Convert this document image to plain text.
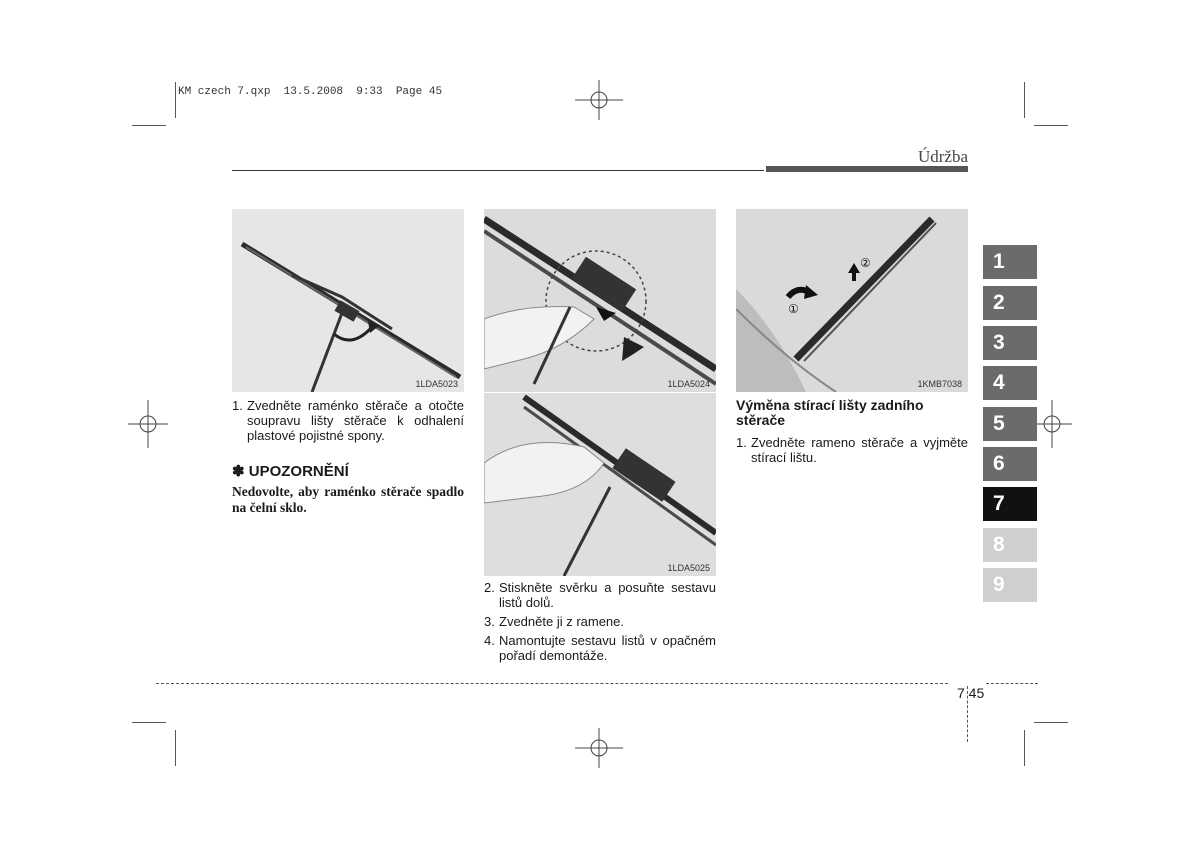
KM czech 7.qxp  13.5.2008  9:33  Page 45
Údržba
1LDA5023	1LDA5024
1LDA5025
①
②
1KMB7038
1. Zvedněte raménko stěrače a otočte soupravu lišty stěrače k odhalení plastové pojistné spony.
✽ UPOZORNĚNÍ
Nedovolte, aby raménko stěrače spadlo na čelní sklo.
2. Stiskněte svěrku a posuňte sestavu listů dolů.
3. Zvedněte ji z ramene.
4. Namontujte sestavu listů v opačném pořadí demontáže.
Výměna stírací lišty zadního stěrače
1. Zvedněte rameno stěrače a vyjměte stírací lištu.
1
2
3
4
5
6
7
8
9
7 45
